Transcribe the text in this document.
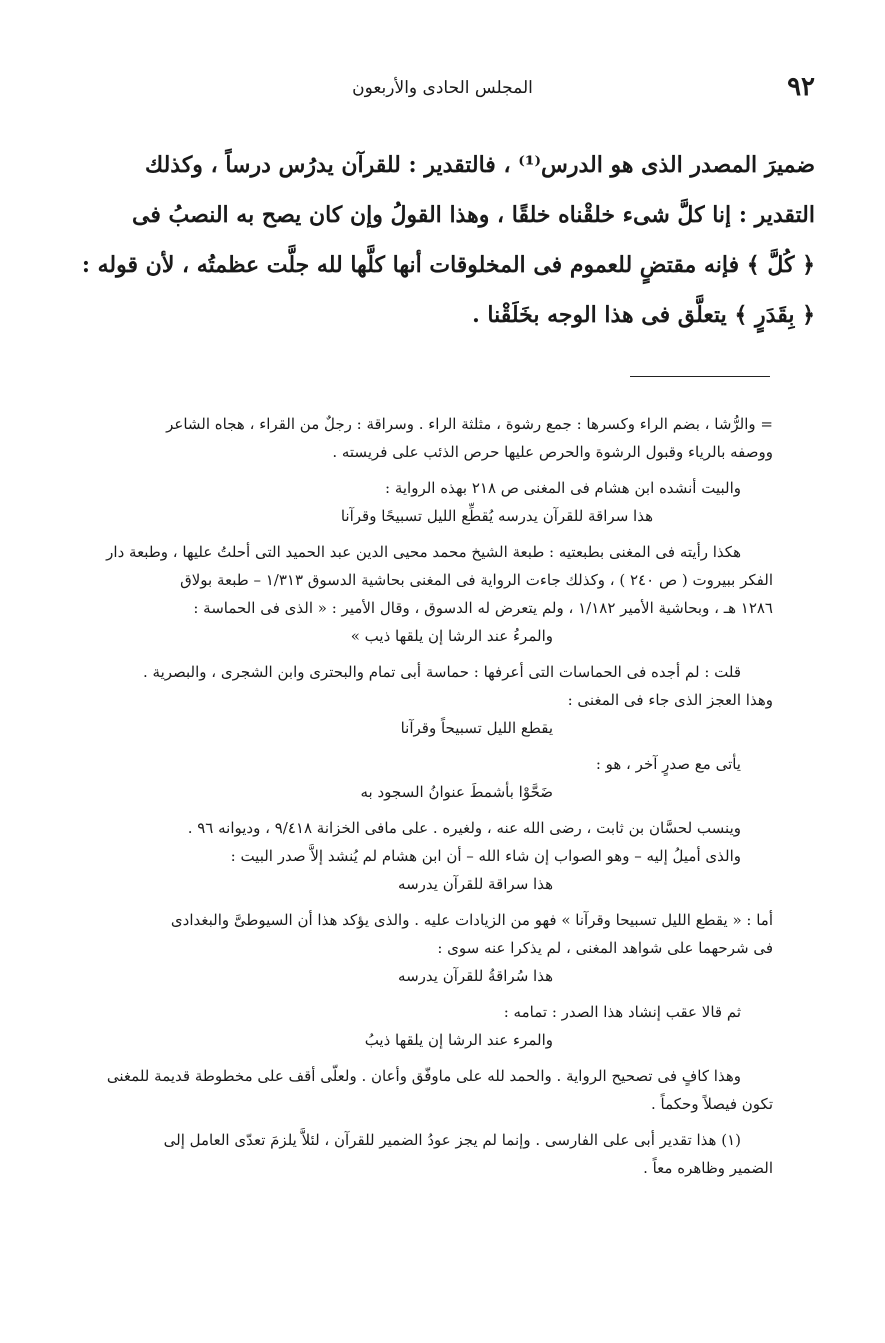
٩٢
المجلس الحادى والأربعون
ضميرَ المصدر الذى هو الدرس⁽¹⁾ ، فالتقدير : للقرآن يدرُس درساً ، وكذلك
التقدير : إنا كلَّ شىء خلقْناه خلقًا ، وهذا القولُ وإن كان يصح به النصبُ فى
﴿ كُلَّ ﴾ فإنه مقتضٍ للعموم فى المخلوقات أنها كلَّها لله جلَّت عظمتُه ، لأن قوله :
﴿ بِقَدَرٍ ﴾ يتعلَّق فى هذا الوجه بخَلَقْنا .
= والرُّشا ، بضم الراء وكسرها : جمع رشوة ، مثلثة الراء . وسراقة : رجلٌ من القراء ، هجاه الشاعر
ووصفه بالرياء وقبول الرشوة والحرص عليها حرص الذئب على فريسته .
والبيت أنشده ابن هشام فى المغنى ص ٢١٨ بهذه الرواية :
هذا سراقة للقرآن يدرسه يُقطِّع الليل تسبيحًا وقرآنا
هكذا رأيته فى المغنى بطبعتيه : طبعة الشيخ محمد محيى الدين عبد الحميد التى أحلتُ عليها ، وطبعة دار
الفكر ببيروت ( ص ٢٤٠ ) ، وكذلك جاءت الرواية فى المغنى بحاشية الدسوق ١/٣١٣ – طبعة بولاق
١٢٨٦ هـ ، وبحاشية الأمير ١/١٨٢ ، ولم يتعرض له الدسوق ، وقال الأمير : « الذى فى الحماسة :
والمرءُ عند الرشا إن يلقها ذيب »
قلت : لم أجده فى الحماسات التى أعرفها : حماسة أبى تمام والبحترى وابن الشجرى ، والبصرية .
وهذا العجز الذى جاء فى المغنى :
يقطع الليل تسبيحاً وقرآنا
يأتى مع صدرٍ آخر ، هو :
ضَحَّوْا بأشمطَ عنوانُ السجود به
وينسب لحسَّان بن ثابت ، رضى الله عنه ، ولغيره . على مافى الخزانة ٩/٤١٨ ، وديوانه ٩٦ .
والذى أميلُ إليه – وهو الصواب إن شاء الله – أن ابن هشام لم يُنشد إلاَّ صدر البيت :
هذا سراقة للقرآن يدرسه
أما : « يقطع الليل تسبيحا وقرآنا » فهو من الزيادات عليه . والذى يؤكد هذا أن السيوطىَّ والبغدادى
فى شرحهما على شواهد المغنى ، لم يذكرا عنه سوى :
هذا سُراقةُ للقرآن يدرسه
ثم قالا عقب إنشاد هذا الصدر : تمامه :
والمرء عند الرشا إن يلقها ذيبُ
وهذا كافٍ فى تصحيح الرواية . والحمد لله على ماوفّق وأعان . ولعلّى أقف على مخطوطة قديمة للمغنى
تكون فيصلاً وحكماً .
(١) هذا تقدير أبى على الفارسى . وإنما لم يجز عودُ الضمير للقرآن ، لئلاَّ يلزمَ تعدّى العامل إلى
الضمير وظاهره معاً .
